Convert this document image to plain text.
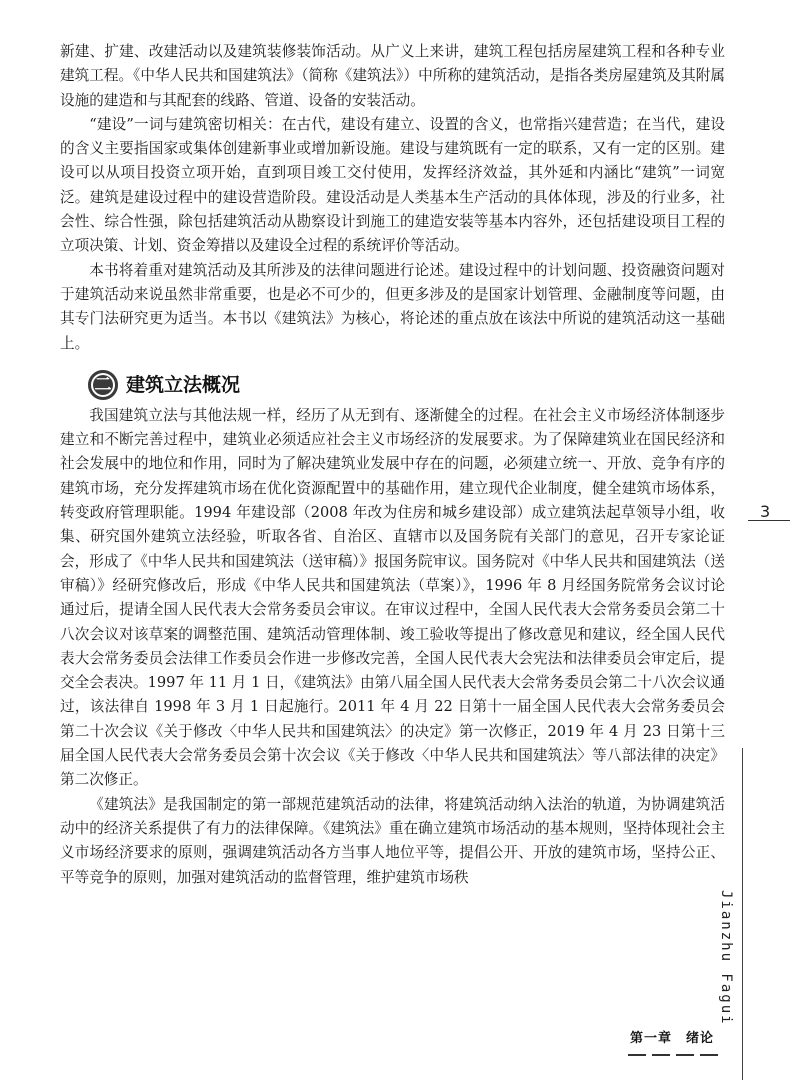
新建、扩建、改建活动以及建筑装修装饰活动。从广义上来讲，建筑工程包括房屋建筑工程和各种专业建筑工程。《中华人民共和国建筑法》（简称《建筑法》）中所称的建筑活动，是指各类房屋建筑及其附属设施的建造和与其配套的线路、管道、设备的安装活动。

“建设”一词与建筑密切相关：在古代，建设有建立、设置的含义，也常指兴建营造；在当代，建设的含义主要指国家或集体创建新事业或增加新设施。建设与建筑既有一定的联系，又有一定的区别。建设可以从项目投资立项开始，直到项目竣工交付使用，发挥经济效益，其外延和内涵比“建筑”一词宽泛。建筑是建设过程中的建设营造阶段。建设活动是人类基本生产活动的具体体现，涉及的行业多，社会性、综合性强，除包括建筑活动从勘察设计到施工的建造安装等基本内容外，还包括建设项目工程的立项决策、计划、资金筹措以及建设全过程的系统评价等活动。

本书将着重对建筑活动及其所涉及的法律问题进行论述。建设过程中的计划问题、投资融资问题对于建筑活动来说虽然非常重要，也是必不可少的，但更多涉及的是国家计划管理、金融制度等问题，由其专门法研究更为适当。本书以《建筑法》为核心，将论述的重点放在该法中所说的建筑活动这一基础上。

二 建筑立法概况

我国建筑立法与其他法规一样，经历了从无到有、逐渐健全的过程。在社会主义市场经济体制逐步建立和不断完善过程中，建筑业必须适应社会主义市场经济的发展要求。为了保障建筑业在国民经济和社会发展中的地位和作用，同时为了解决建筑业发展中存在的问题，必须建立统一、开放、竞争有序的建筑市场，充分发挥建筑市场在优化资源配置中的基础作用，建立现代企业制度，健全建筑市场体系，转变政府管理职能。1994 年建设部（2008 年改为住房和城乡建设部）成立建筑法起草领导小组，收集、研究国外建筑立法经验，听取各省、自治区、直辖市以及国务院有关部门的意见，召开专家论证会，形成了《中华人民共和国建筑法（送审稿）》报国务院审议。国务院对《中华人民共和国建筑法（送审稿）》经研究修改后，形成《中华人民共和国建筑法（草案）》，1996 年 8 月经国务院常务会议讨论通过后，提请全国人民代表大会常务委员会审议。在审议过程中，全国人民代表大会常务委员会第二十八次会议对该草案的调整范围、建筑活动管理体制、竣工验收等提出了修改意见和建议，经全国人民代表大会常务委员会法律工作委员会作进一步修改完善，全国人民代表大会宪法和法律委员会审定后，提交全会表决。1997 年 11 月 1 日，《建筑法》由第八届全国人民代表大会常务委员会第二十八次会议通过，该法律自 1998 年 3 月 1 日起施行。2011 年 4 月 22 日第十一届全国人民代表大会常务委员会第二十次会议《关于修改〈中华人民共和国建筑法〉的决定》第一次修正，2019 年 4 月 23 日第十三届全国人民代表大会常务委员会第十次会议《关于修改〈中华人民共和国建筑法〉等八部法律的决定》第二次修正。

《建筑法》是我国制定的第一部规范建筑活动的法律，将建筑活动纳入法治的轨道，为协调建筑活动中的经济关系提供了有力的法律保障。《建筑法》重在确立建筑市场活动的基本规则，坚持体现社会主义市场经济要求的原则，强调建筑活动各方当事人地位平等，提倡公开、开放的建筑市场，坚持公正、平等竞争的原则，加强对建筑活动的监督管理，维护建筑市场秩

3
Jianzhu Fagui
第一章　绪论
